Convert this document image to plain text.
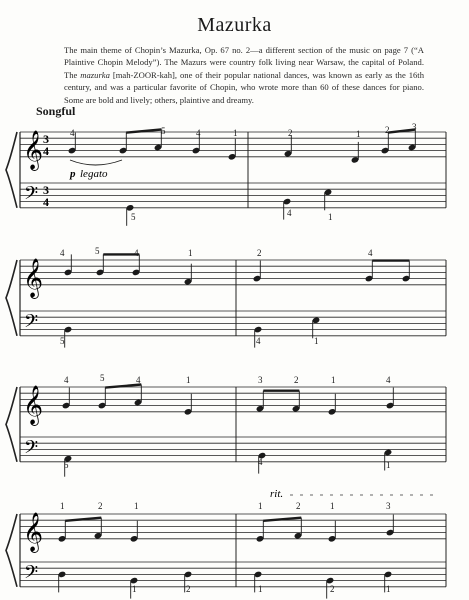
Mazurka
The main theme of Chopin’s Mazurka, Op. 67 no. 2—a different section of the music on page 7 (“A Plaintive Chopin Melody”). The Mazurs were country folk living near Warsaw, the capital of Poland. The mazurka [mah-ZOOR-kah], one of their popular national dances, was known as early as the 16th century, and was a particular favorite of Chopin, who wrote more than 60 of these dances for piano. Some are bold and lively; others, plaintive and dreamy.
Songful
𝄞
𝄢
𝄞
𝄢
𝄞
𝄢
𝄞
𝄢
3
4
3
4
p legato
rit.
4	5	4	1	2	1	2	3
5	4	1
4	5	4	1	2	4
5	4	1
4	5	4	1	3	2	1	4
5	4	1
1	2	1	1	2	1	3
1	2	1	2	1
